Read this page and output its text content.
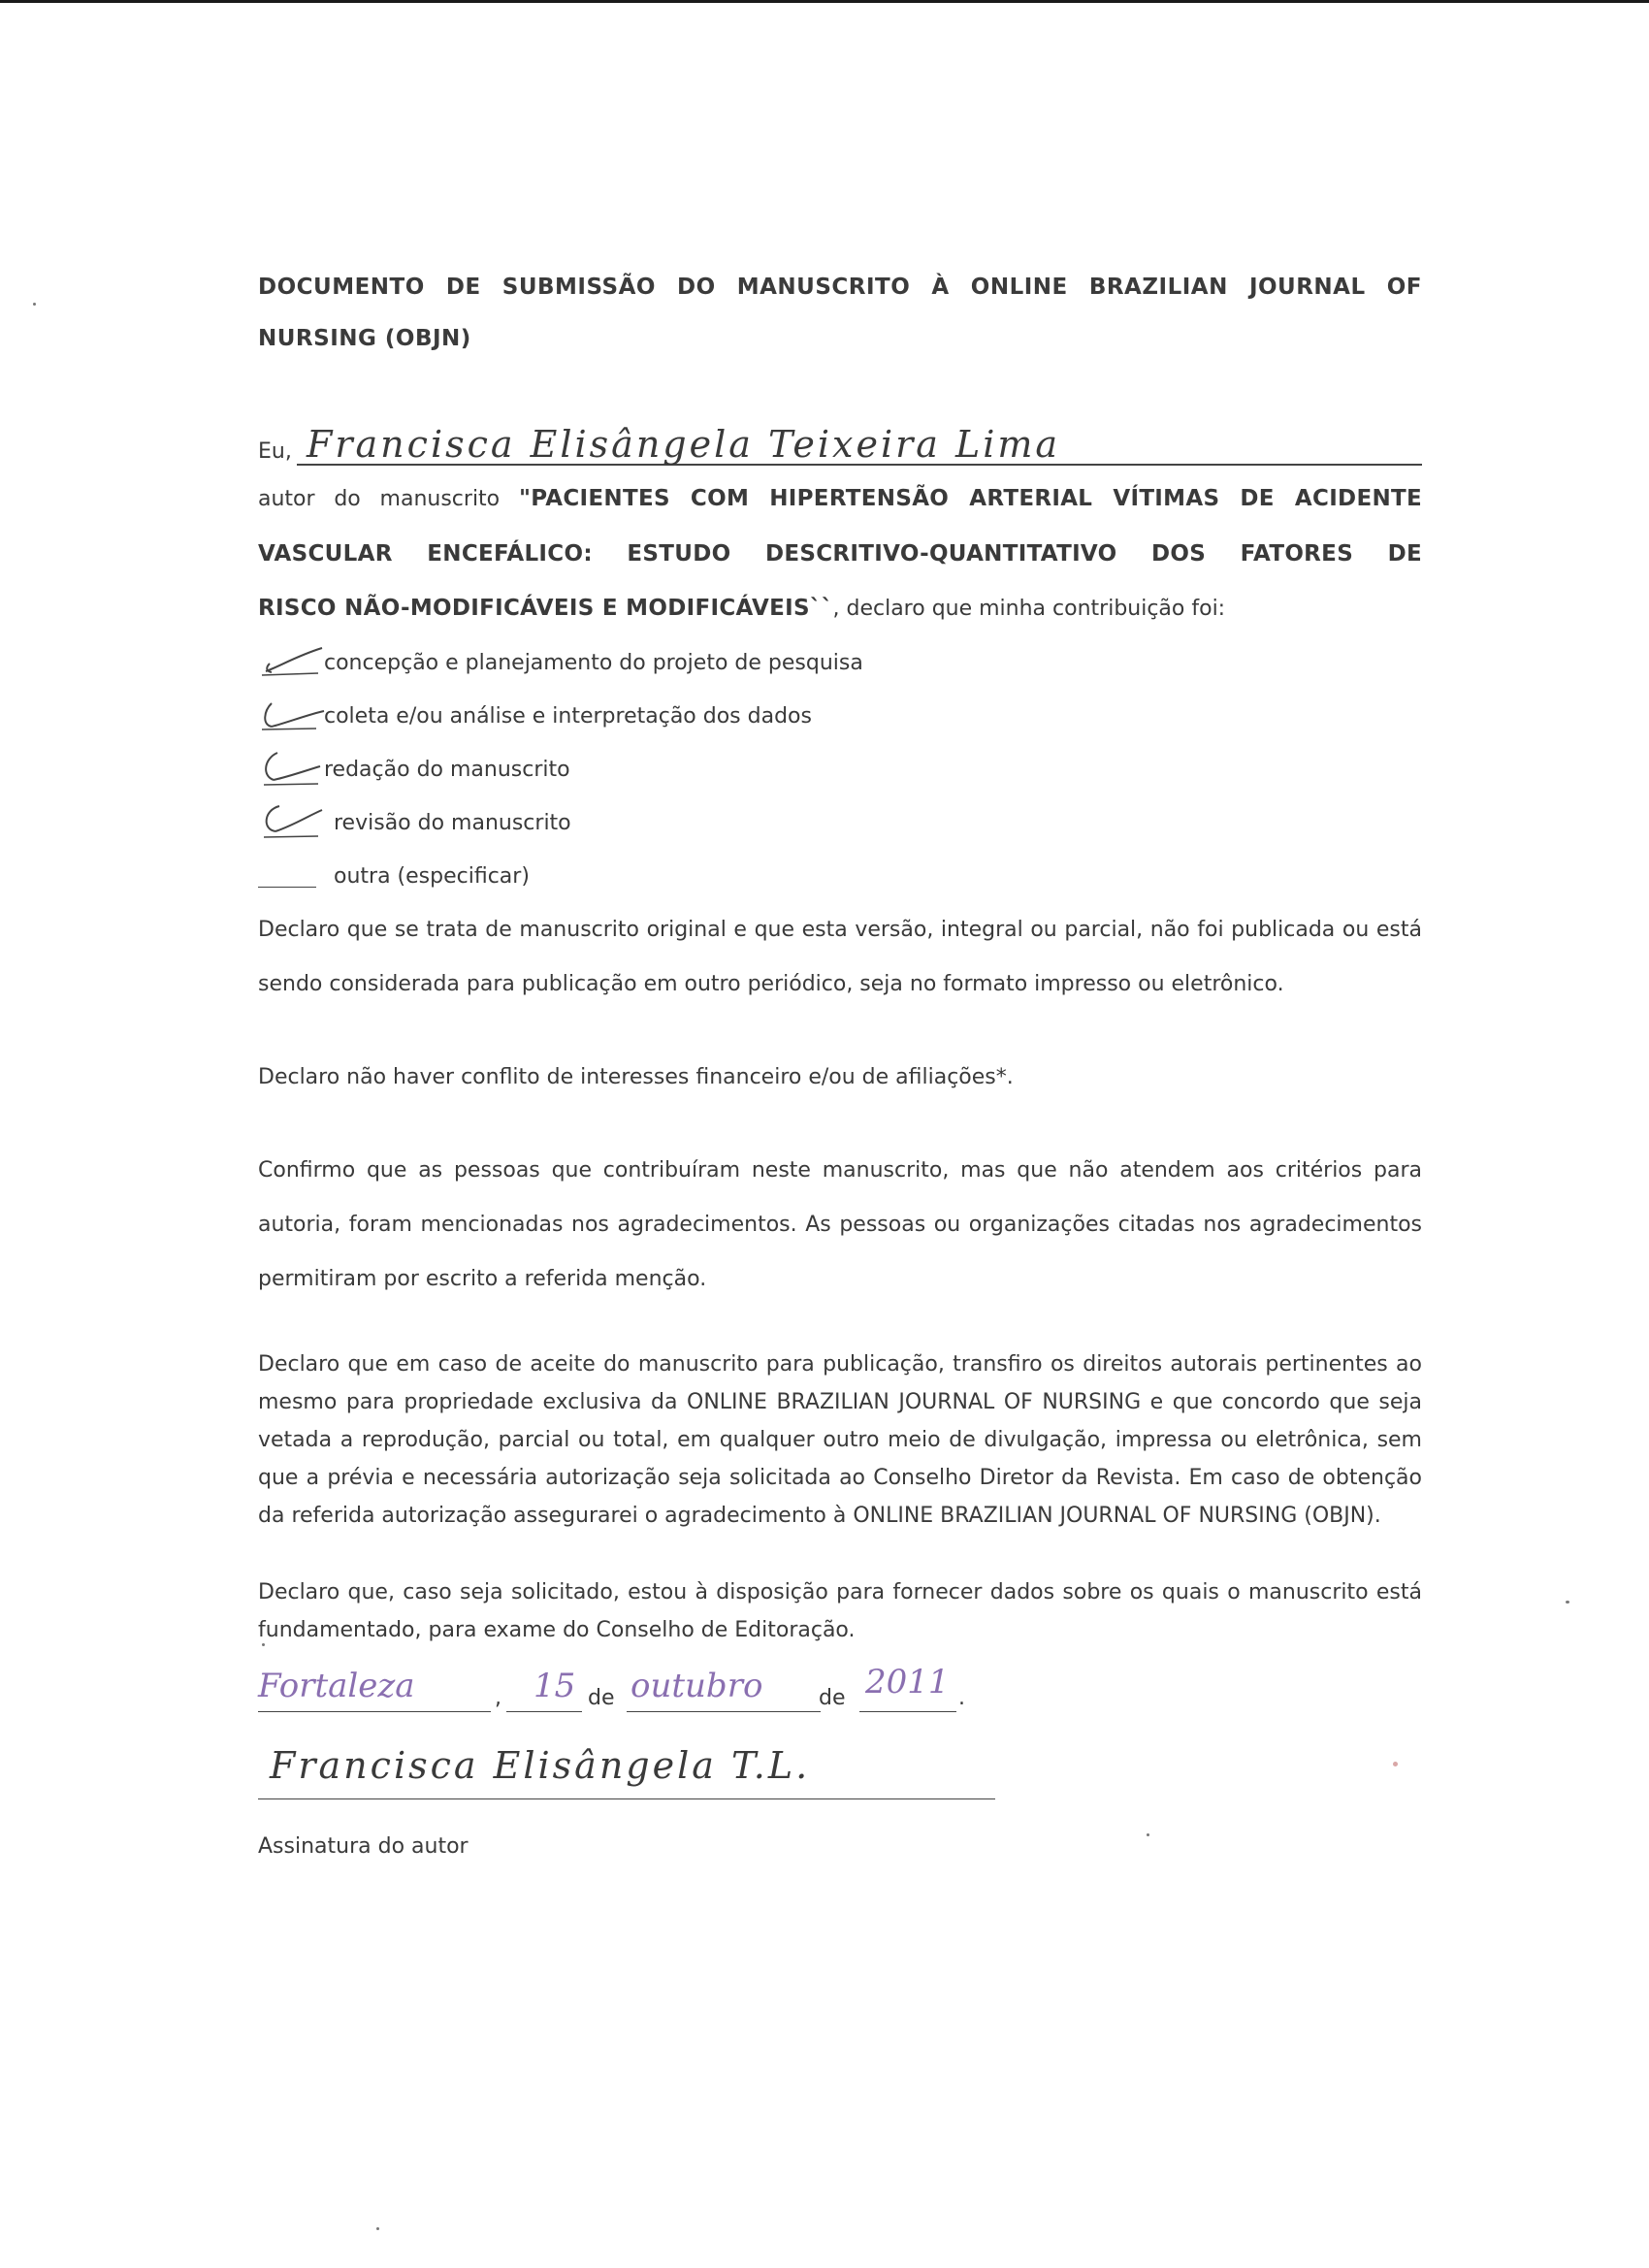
DOCUMENTO DE SUBMISSÃO DO MANUSCRITO À ONLINE BRAZILIAN JOURNAL OF
NURSING (OBJN)
Eu, Francisca Elisângela Teixeira Lima
autor do manuscrito "PACIENTES COM HIPERTENSÃO ARTERIAL VÍTIMAS DE ACIDENTE
VASCULAR ENCEFÁLICO: ESTUDO DESCRITIVO-QUANTITATIVO DOS FATORES DE
RISCO NÃO-MODIFICÁVEIS E MODIFICÁVEIS``, declaro que minha contribuição foi:
concepção e planejamento do projeto de pesquisa
coleta e/ou análise e interpretação dos dados
redação do manuscrito
revisão do manuscrito
outra (especificar)
Declaro que se trata de manuscrito original e que esta versão, integral ou parcial, não foi publicada ou está sendo considerada para publicação em outro periódico, seja no formato impresso ou eletrônico.
Declaro não haver conflito de interesses financeiro e/ou de afiliações*.
Confirmo que as pessoas que contribuíram neste manuscrito, mas que não atendem aos critérios para autoria, foram mencionadas nos agradecimentos. As pessoas ou organizações citadas nos agradecimentos permitiram por escrito a referida menção.
Declaro que em caso de aceite do manuscrito para publicação, transfiro os direitos autorais pertinentes ao mesmo para propriedade exclusiva da ONLINE BRAZILIAN JOURNAL OF NURSING e que concordo que seja vetada a reprodução, parcial ou total, em qualquer outro meio de divulgação, impressa ou eletrônica, sem que a prévia e necessária autorização seja solicitada ao Conselho Diretor da Revista. Em caso de obtenção da referida autorização assegurarei o agradecimento à ONLINE BRAZILIAN JOURNAL OF NURSING (OBJN).
Declaro que, caso seja solicitado, estou à disposição para fornecer dados sobre os quais o manuscrito está fundamentado, para exame do Conselho de Editoração.
Fortaleza	, 15 de outubro	de 2011 .
Francisca Elisângela T.L.
Assinatura do autor
